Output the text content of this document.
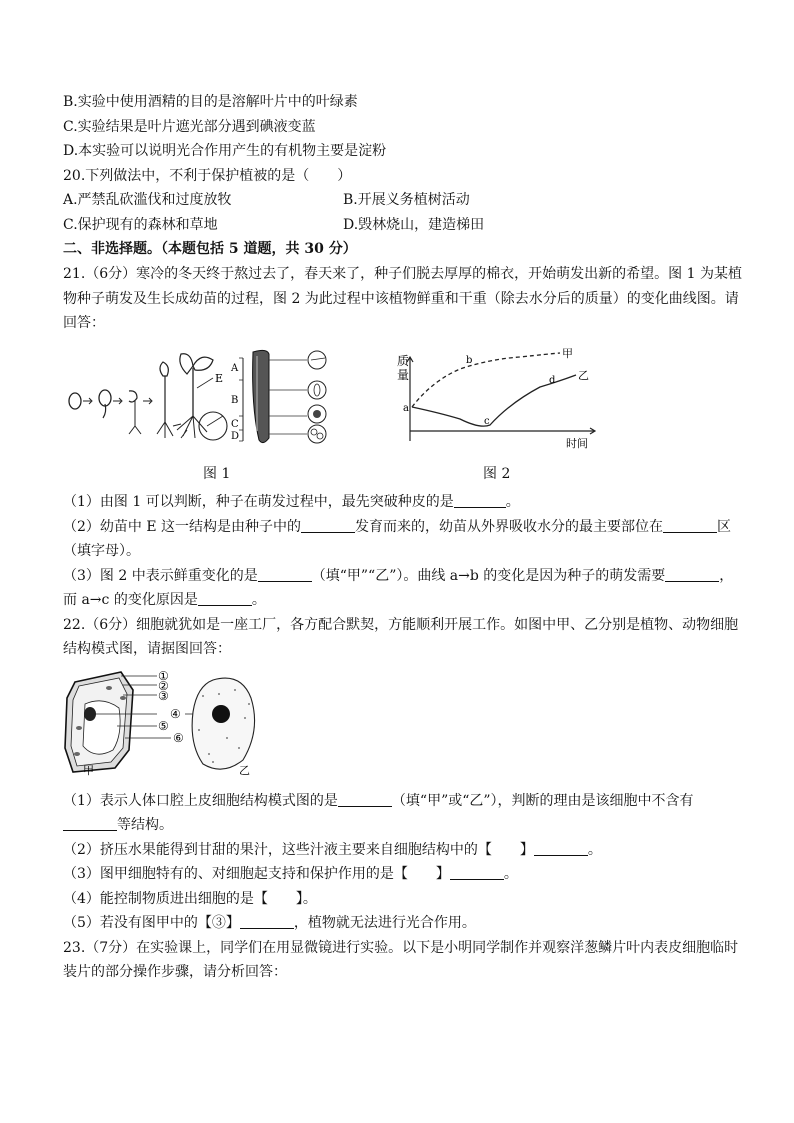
B.实验中使用酒精的目的是溶解叶片中的叶绿素
C.实验结果是叶片遮光部分遇到碘液变蓝
D.本实验可以说明光合作用产生的有机物主要是淀粉
20.下列做法中，不利于保护植被的是（　　）
A.严禁乱砍滥伐和过度放牧	B.开展义务植树活动
C.保护现有的森林和草地	D.毁林烧山，建造梯田
二、非选择题。（本题包括 5 道题，共 30 分）
21.（6分）寒冷的冬天终于熬过去了，春天来了，种子们脱去厚厚的棉衣，开始萌发出新的希望。图 1 为某植
物种子萌发及生长成幼苗的过程，图 2 为此过程中该植物鲜重和干重（除去水分后的质量）的变化曲线图。请
回答：
E
A
B
C
D
图 1
质
量
时间
甲
乙
a
b
c
d
图 2
（1）由图 1 可以判断，种子在萌发过程中，最先突破种皮的是	。
（2）幼苗中 E 这一结构是由种子中的	发育而来的，幼苗从外界吸收水分的最主要部位在	区
（填字母）。
（3）图 2 中表示鲜重变化的是	（填“甲”“乙”）。曲线 a→b 的变化是因为种子的萌发需要	，
而 a→c 的变化原因是	。
22.（6分）细胞就犹如是一座工厂，各方配合默契，方能顺利开展工作。如图中甲、乙分别是植物、动物细胞
结构模式图，请据图回答：
①
②
③
④
⑤
⑥
甲	乙
（1）表示人体口腔上皮细胞结构模式图的是	（填“甲”或“乙”），判断的理由是该细胞中不含有
等结构。
（2）挤压水果能得到甘甜的果汁，这些汁液主要来自细胞结构中的【　　】	。
（3）图甲细胞特有的、对细胞起支持和保护作用的是【　　】	。
（4）能控制物质进出细胞的是【　　】。
（5）若没有图甲中的【③】	，植物就无法进行光合作用。
23.（7分）在实验课上，同学们在用显微镜进行实验。以下是小明同学制作并观察洋葱鳞片叶内表皮细胞临时
装片的部分操作步骤，请分析回答：
